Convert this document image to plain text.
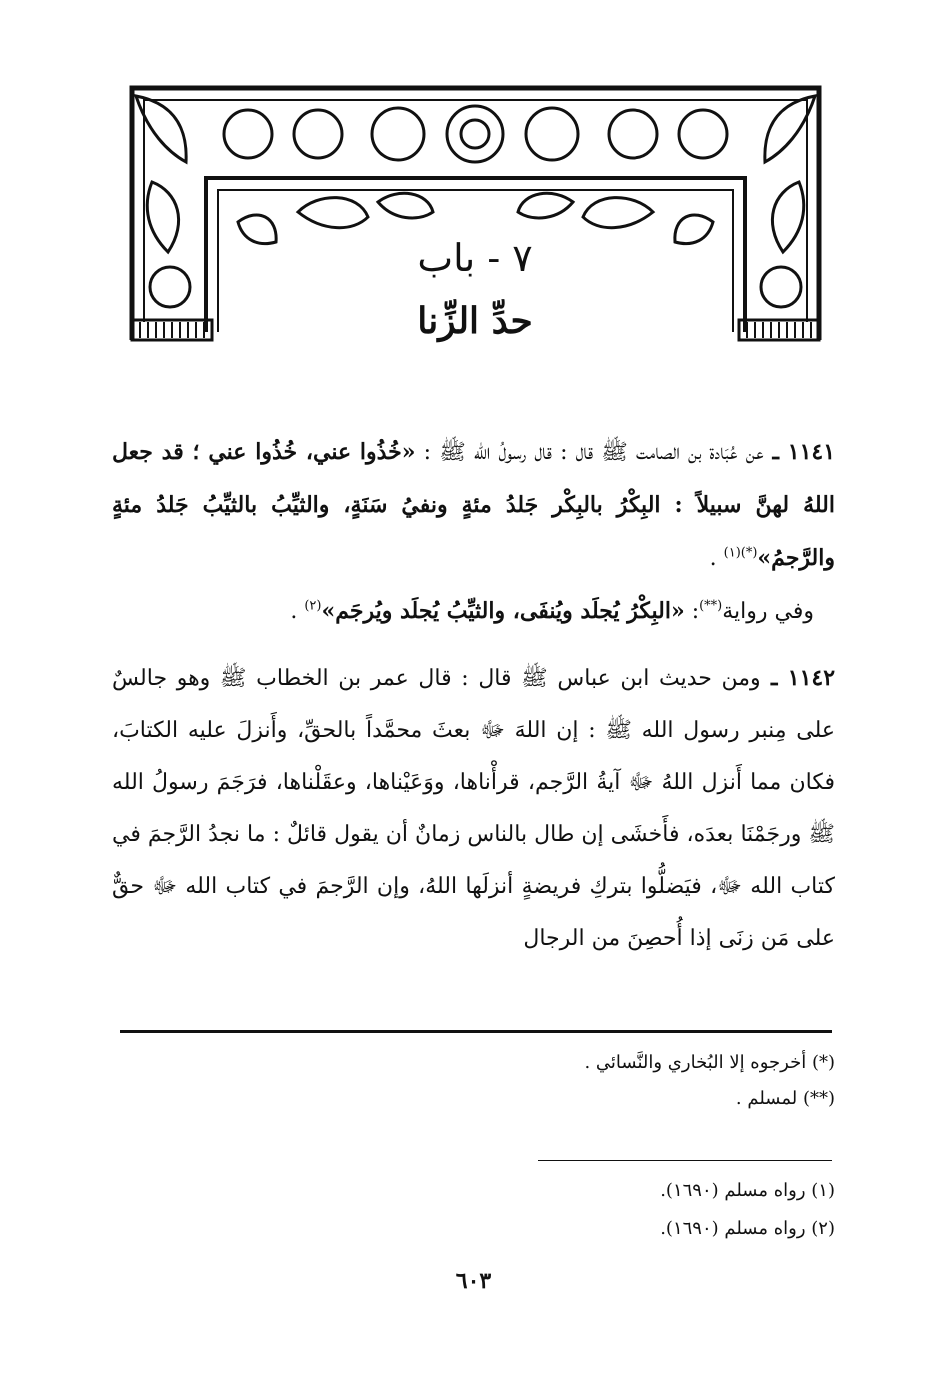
٧ - باب
حدِّ الزِّنا

١١٤١ ـ عن عُبَادة بن الصامت ﷺ قال : قال رسولُ الله ﷺ : «خُذُوا عني، خُذُوا عني ؛ قد جعل اللهُ لهنَّ سبيلاً : البِكْرُ بالبِكْر جَلدُ مئةٍ ونفيُ سَنَةٍ، والثيِّبُ بالثيِّبُ جَلدُ مئةٍ والرَّجمُ»$^{(*)(١)}$ .

وفي رواية(**): «البِكْرُ يُجلَد ويُنفَى، والثيِّبُ يُجلَد ويُرجَم»$^{(٢)}$ .

١١٤٢ ـ ومن حديث ابن عباس ﷺ قال : قال عمر بن الخطاب ﷺ وهو جالسٌ على مِنبر رسول الله ﷺ : إن اللهَ ﷻ بعثَ محمَّداً بالحقِّ، وأَنزلَ عليه الكتابَ، فكان مما أَنزل اللهُ ﷻ آيةُ الرَّجم، قرأْناها، ووَعَيْناها، وعقَلْناها، فرَجَمَ رسولُ الله ﷺ ورجَمْنَا بعدَه، فأَخشَى إن طال بالناس زمانٌ أن يقول قائلٌ : ما نجدُ الرَّجمَ في كتاب الله ﷻ، فيَضلُّوا بتركِ فريضةٍ أنزلَها اللهُ، وإن الرَّجمَ في كتاب الله ﷻ حقٌّ على مَن زنَى إذا أُحصِنَ من الرجال

(*) أخرجوه إلا البُخاري والنَّسائي .

(**) لمسلم .

(١) رواه مسلم (١٦٩٠).

(٢) رواه مسلم (١٦٩٠).

٦٠٣
